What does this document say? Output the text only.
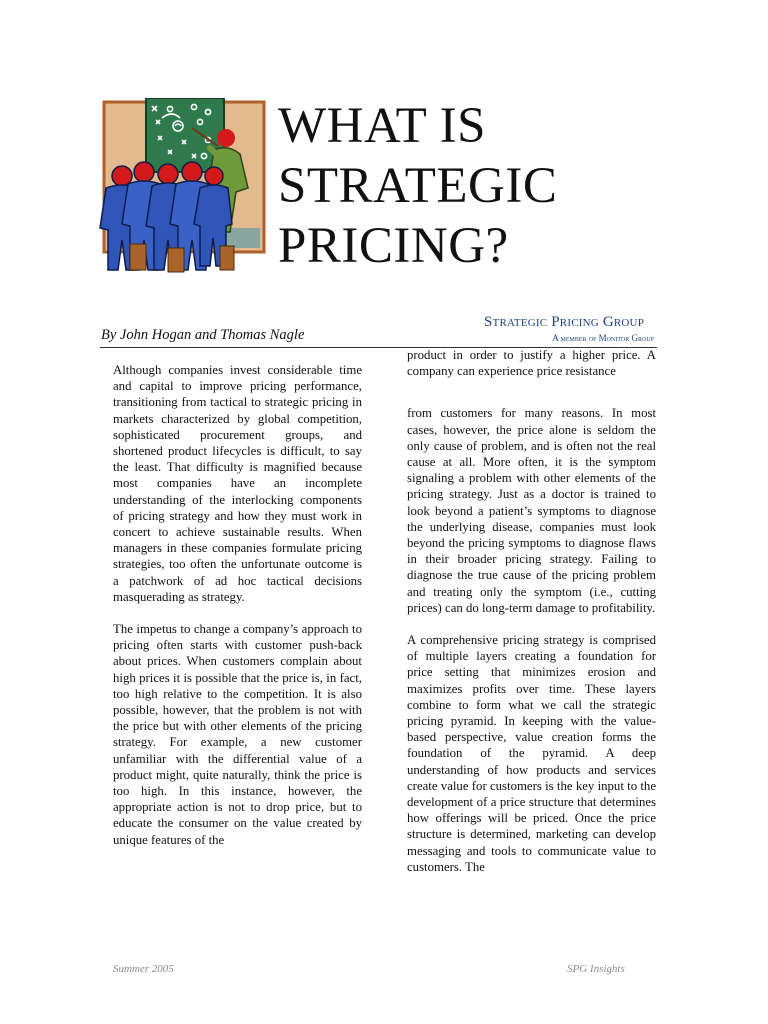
WHAT IS STRATEGIC PRICING?
By John Hogan and Thomas Nagle
Strategic Pricing Group
A member of Monitor Group

Although companies invest considerable time and capital to improve pricing performance, transitioning from tactical to strategic pricing in markets characterized by global competition, sophisticated procurement groups, and shortened product lifecycles is difficult, to say the least. That difficulty is magnified because most companies have an incomplete understanding of the interlocking components of pricing strategy and how they must work in concert to achieve sustainable results. When managers in these companies formulate pricing strategies, too often the unfortunate outcome is a patchwork of ad hoc tactical decisions masquerading as strategy.

The impetus to change a company’s approach to pricing often starts with customer push-back about prices. When customers complain about high prices it is possible that the price is, in fact, too high relative to the competition. It is also possible, however, that the problem is not with the price but with other elements of the pricing strategy. For example, a new customer unfamiliar with the differential value of a product might, quite naturally, think the price is too high. In this instance, however, the appropriate action is not to drop price, but to educate the consumer on the value created by unique features of the

product in order to justify a higher price. A company can experience price resistance

from customers for many reasons. In most cases, however, the price alone is seldom the only cause of problem, and is often not the real cause at all. More often, it is the symptom signaling a problem with other elements of the pricing strategy. Just as a doctor is trained to look beyond a patient’s symptoms to diagnose the underlying disease, companies must look beyond the pricing symptoms to diagnose flaws in their broader pricing strategy. Failing to diagnose the true cause of the pricing problem and treating only the symptom (i.e., cutting prices) can do long-term damage to profitability.

A comprehensive pricing strategy is comprised of multiple layers creating a foundation for price setting that minimizes erosion and maximizes profits over time. These layers combine to form what we call the strategic pricing pyramid. In keeping with the value-based perspective, value creation forms the foundation of the pyramid. A deep understanding of how products and services create value for customers is the key input to the development of a price structure that determines how offerings will be priced. Once the price structure is determined, marketing can develop messaging and tools to communicate value to customers. The

Summer 2005	SPG Insights
